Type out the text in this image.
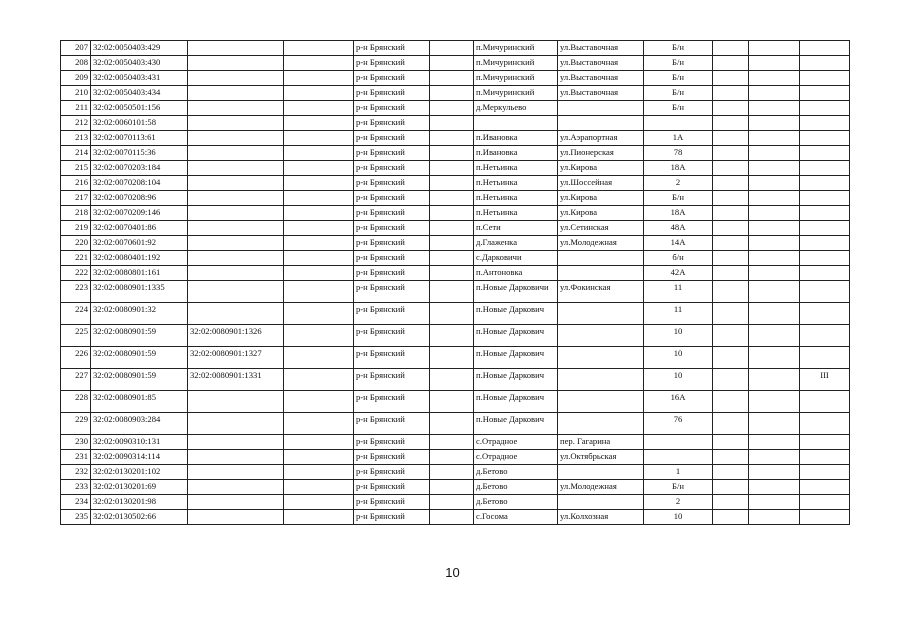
207	32:02:0050403:429			р-н Брянский		п.Мичуринский	ул.Выставочная	Б/н			
208	32:02:0050403:430			р-н Брянский		п.Мичуринский	ул.Выставочная	Б/н			
209	32:02:0050403:431			р-н Брянский		п.Мичуринский	ул.Выставочная	Б/н			
210	32:02:0050403:434			р-н Брянский		п.Мичуринский	ул.Выставочная	Б/н			
211	32:02:0050501:156			р-н Брянский		д.Меркульево		Б/н			
212	32:02:0060101:58			р-н Брянский							
213	32:02:0070113:61			р-н Брянский		п.Ивановка	ул.Аэрапортная	1А			
214	32:02:0070115:36			р-н Брянский		п.Ивановка	ул.Пионерская	78			
215	32:02:0070203:184			р-н Брянский		п.Нетьинка	ул.Кирова	18А			
216	32:02:0070208:104			р-н Брянский		п.Нетьинка	ул.Шоссейная	2			
217	32:02:0070208:96			р-н Брянский		п.Нетьинка	ул.Кирова	Б/н			
218	32:02:0070209:146			р-н Брянский		п.Нетьинка	ул.Кирова	18А			
219	32:02:0070401:86			р-н Брянский		п.Сети	ул.Сетинская	48А			
220	32:02:0070601:92			р-н Брянский		д.Глаженка	ул.Молодежная	14А			
221	32:02:0080401:192			р-н Брянский		с.Дарковичи		б/н			
222	32:02:0080801:161			р-н Брянский		п.Антоновка		42А			
223	32:02:0080901:1335			р-н Брянский		п.Новые Дарковичи	ул.Фокинская	11			
224	32:02:0080901:32			р-н Брянский		п.Новые Даркович		11			
225	32:02:0080901:59	32:02:0080901:1326		р-н Брянский		п.Новые Даркович		10			
226	32:02:0080901:59	32:02:0080901:1327		р-н Брянский		п.Новые Даркович		10			
227	32:02:0080901:59	32:02:0080901:1331		р-н Брянский		п.Новые Даркович		10			III
228	32:02:0080901:85			р-н Брянский		п.Новые Даркович		16А			
229	32:02:0080903:284			р-н Брянский		п.Новые Даркович		76			
230	32:02:0090310:131			р-н Брянский		с.Отрадное	пер. Гагарина				
231	32:02:0090314:114			р-н Брянский		с.Отрадное	ул.Октябрьская				
232	32:02:0130201:102			р-н Брянский		д.Бетово		1			
233	32:02:0130201:69			р-н Брянский		д.Бетово	ул.Молодежная	Б/н			
234	32:02:0130201:98			р-н Брянский		д.Бетово		2			
235	32:02:0130502:66			р-н Брянский		с.Госома	ул.Колхозная	10			
10
